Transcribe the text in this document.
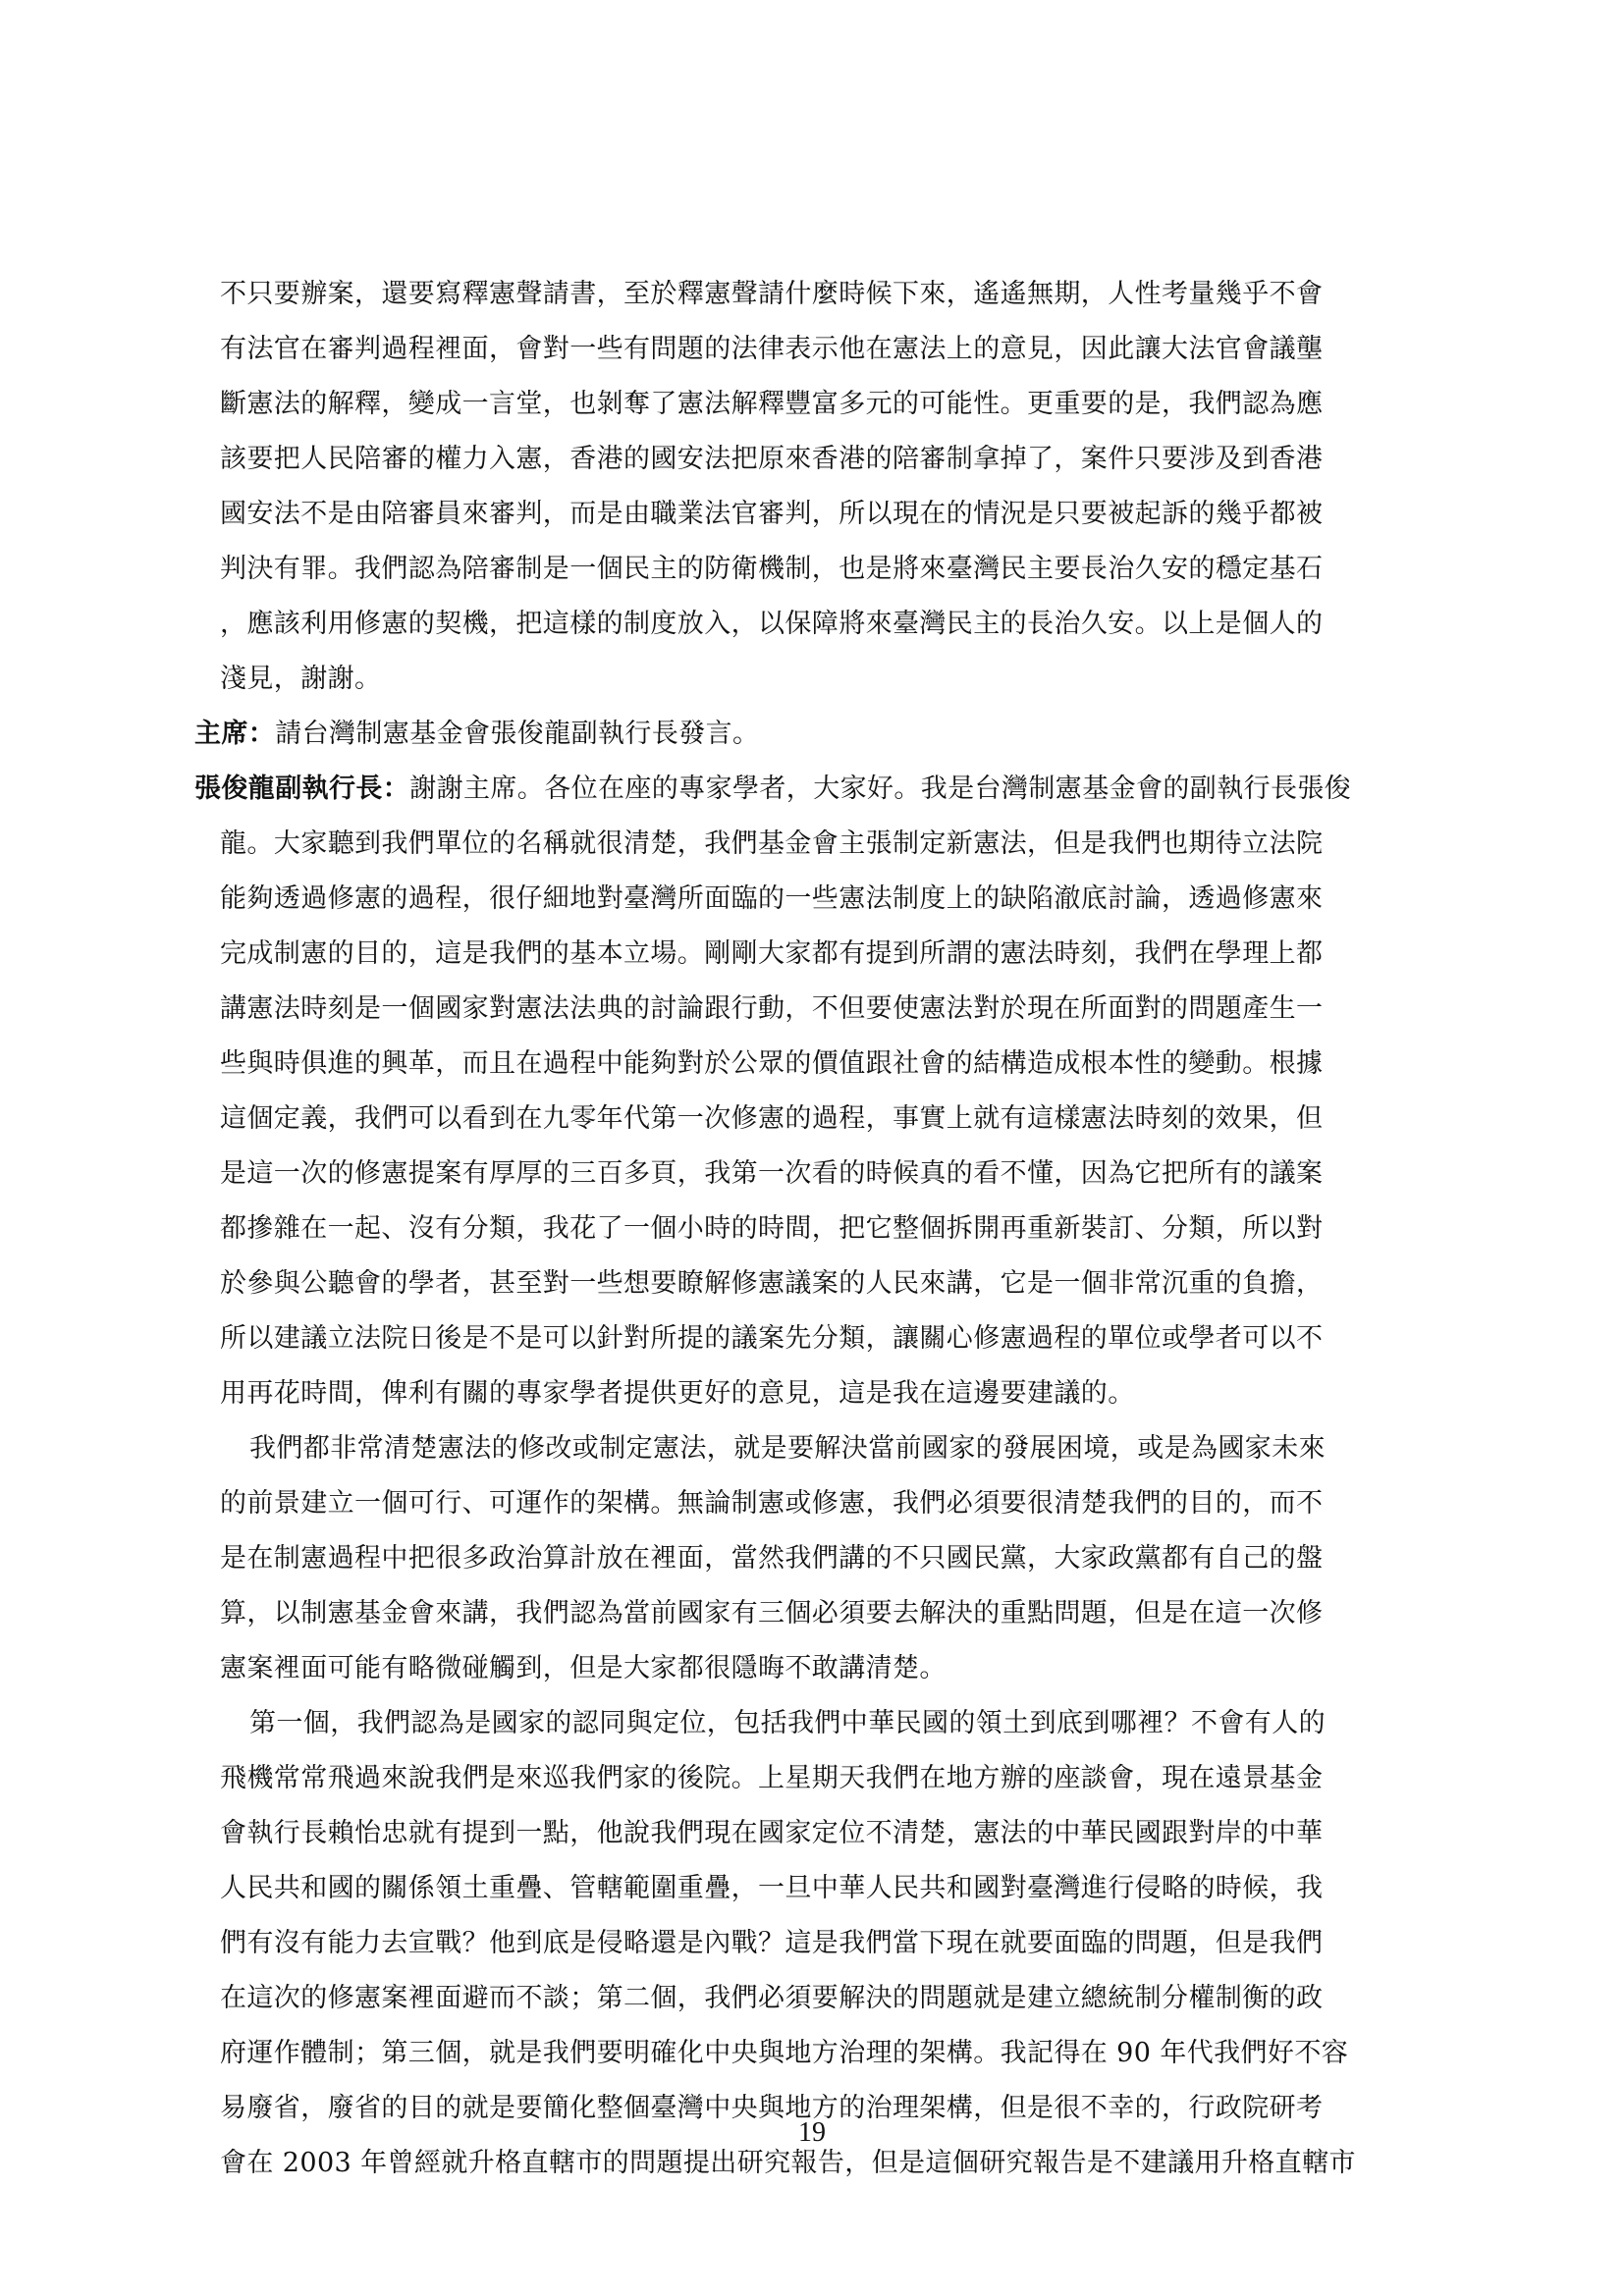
不只要辦案，還要寫釋憲聲請書，至於釋憲聲請什麼時候下來，遙遙無期，人性考量幾乎不會
有法官在審判過程裡面，會對一些有問題的法律表示他在憲法上的意見，因此讓大法官會議壟
斷憲法的解釋，變成一言堂，也剝奪了憲法解釋豐富多元的可能性。更重要的是，我們認為應
該要把人民陪審的權力入憲，香港的國安法把原來香港的陪審制拿掉了，案件只要涉及到香港
國安法不是由陪審員來審判，而是由職業法官審判，所以現在的情況是只要被起訴的幾乎都被
判決有罪。我們認為陪審制是一個民主的防衛機制，也是將來臺灣民主要長治久安的穩定基石
，應該利用修憲的契機，把這樣的制度放入，以保障將來臺灣民主的長治久安。以上是個人的
淺見，謝謝。
主席：請台灣制憲基金會張俊龍副執行長發言。
張俊龍副執行長：謝謝主席。各位在座的專家學者，大家好。我是台灣制憲基金會的副執行長張俊
龍。大家聽到我們單位的名稱就很清楚，我們基金會主張制定新憲法，但是我們也期待立法院
能夠透過修憲的過程，很仔細地對臺灣所面臨的一些憲法制度上的缺陷澈底討論，透過修憲來
完成制憲的目的，這是我們的基本立場。剛剛大家都有提到所謂的憲法時刻，我們在學理上都
講憲法時刻是一個國家對憲法法典的討論跟行動，不但要使憲法對於現在所面對的問題產生一
些與時俱進的興革，而且在過程中能夠對於公眾的價值跟社會的結構造成根本性的變動。根據
這個定義，我們可以看到在九零年代第一次修憲的過程，事實上就有這樣憲法時刻的效果，但
是這一次的修憲提案有厚厚的三百多頁，我第一次看的時候真的看不懂，因為它把所有的議案
都摻雜在一起、沒有分類，我花了一個小時的時間，把它整個拆開再重新裝訂、分類，所以對
於參與公聽會的學者，甚至對一些想要瞭解修憲議案的人民來講，它是一個非常沉重的負擔，
所以建議立法院日後是不是可以針對所提的議案先分類，讓關心修憲過程的單位或學者可以不
用再花時間，俾利有關的專家學者提供更好的意見，這是我在這邊要建議的。
我們都非常清楚憲法的修改或制定憲法，就是要解決當前國家的發展困境，或是為國家未來
的前景建立一個可行、可運作的架構。無論制憲或修憲，我們必須要很清楚我們的目的，而不
是在制憲過程中把很多政治算計放在裡面，當然我們講的不只國民黨，大家政黨都有自己的盤
算，以制憲基金會來講，我們認為當前國家有三個必須要去解決的重點問題，但是在這一次修
憲案裡面可能有略微碰觸到，但是大家都很隱晦不敢講清楚。
第一個，我們認為是國家的認同與定位，包括我們中華民國的領土到底到哪裡？不會有人的
飛機常常飛過來說我們是來巡我們家的後院。上星期天我們在地方辦的座談會，現在遠景基金
會執行長賴怡忠就有提到一點，他說我們現在國家定位不清楚，憲法的中華民國跟對岸的中華
人民共和國的關係領土重疊、管轄範圍重疊，一旦中華人民共和國對臺灣進行侵略的時候，我
們有沒有能力去宣戰？他到底是侵略還是內戰？這是我們當下現在就要面臨的問題，但是我們
在這次的修憲案裡面避而不談；第二個，我們必須要解決的問題就是建立總統制分權制衡的政
府運作體制；第三個，就是我們要明確化中央與地方治理的架構。我記得在 90 年代我們好不容
易廢省，廢省的目的就是要簡化整個臺灣中央與地方的治理架構，但是很不幸的，行政院研考
會在 2003 年曾經就升格直轄市的問題提出研究報告，但是這個研究報告是不建議用升格直轄市
19
